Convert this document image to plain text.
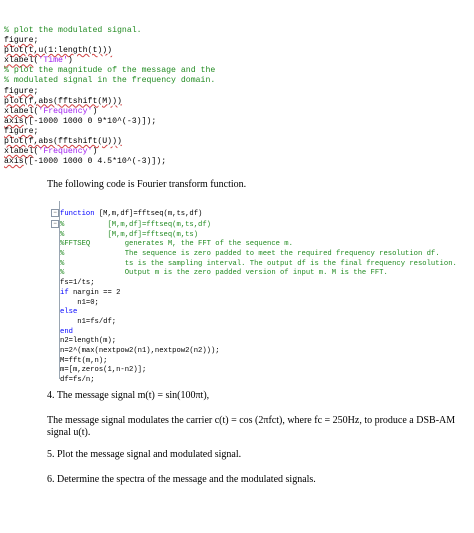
% plot the modulated signal.
figure;
plot(t,u(1:length(t)))
xlabel('Time')
% plot the magnitude of the message and the
% modulated signal in the frequency domain.
figure;
plot(f,abs(fftshift(M)))
xlabel('Frequency')
axis([-1000 1000 0 9*10^(-3)]);
figure;
plot(f,abs(fftshift(U)))
xlabel('Frequency')
axis([-1000 1000 0 4.5*10^(-3)]);
The following code is Fourier transform function.

− function [M,m,df]=fftseq(m,ts,df)
− %          [M,m,df]=fftseq(m,ts,df)
%          [M,m,df]=fftseq(m,ts)
%FFTSEQ        generates M, the FFT of the sequence m.
%              The sequence is zero padded to meet the required frequency resolution df.
%              ts is the sampling interval. The output df is the final frequency resolution.
%              Output m is the zero padded version of input m. M is the FFT.
fs=1/ts;
if nargin == 2
n1=0;
else
n1=fs/df;
end
n2=length(m);
n=2^(max(nextpow2(n1),nextpow2(n2)));
M=fft(m,n);
m=[m,zeros(1,n-n2)];
df=fs/n;
4. The message signal m(t) = sin(100πt),
The message signal modulates the carrier c(t) = cos (2πfct), where fc = 250Hz, to produce a DSB-AM signal u(t).
5. Plot the message signal and modulated signal.
6. Determine the spectra of the message and the modulated signals.
